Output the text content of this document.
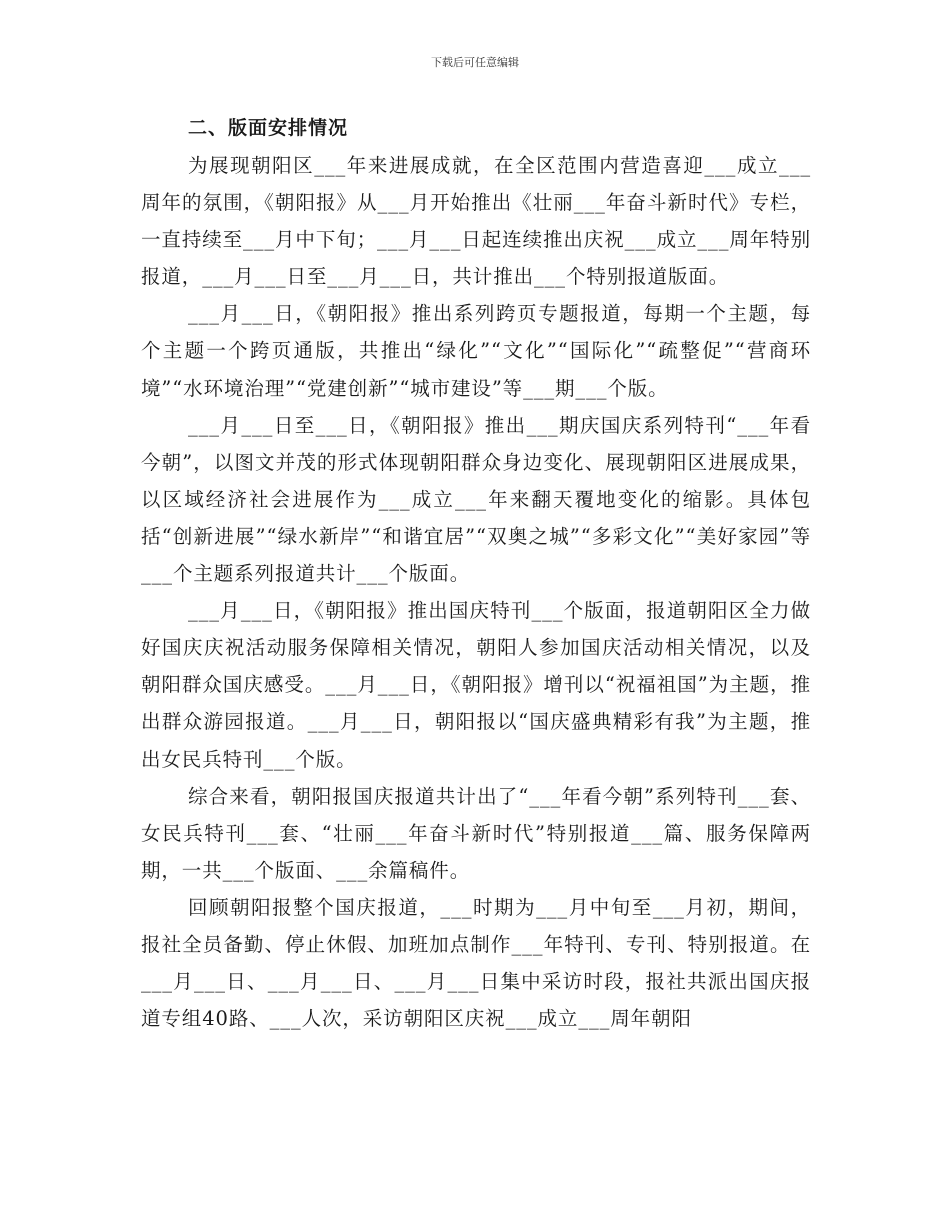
下载后可任意编辑
二、版面安排情况

为展现朝阳区___年来进展成就，在全区范围内营造喜迎___成立___周年的氛围，《朝阳报》从___月开始推出《壮丽___年奋斗新时代》专栏，一直持续至___月中下旬；___月___日起连续推出庆祝___成立___周年特别报道，___月___日至___月___日，共计推出___个特别报道版面。

___月___日，《朝阳报》推出系列跨页专题报道，每期一个主题，每个主题一个跨页通版，共推出“绿化”“文化”“国际化”“疏整促”“营商环境”“水环境治理”“党建创新”“城市建设”等___期___个版。

___月___日至___日，《朝阳报》推出___期庆国庆系列特刊“___年看今朝”，以图文并茂的形式体现朝阳群众身边变化、展现朝阳区进展成果，以区域经济社会进展作为___成立___年来翻天覆地变化的缩影。具体包括“创新进展”“绿水新岸”“和谐宜居”“双奥之城”“多彩文化”“美好家园”等___个主题系列报道共计___个版面。

___月___日，《朝阳报》推出国庆特刊___个版面，报道朝阳区全力做好国庆庆祝活动服务保障相关情况，朝阳人参加国庆活动相关情况，以及朝阳群众国庆感受。___月___日，《朝阳报》增刊以“祝福祖国”为主题，推出群众游园报道。___月___日，朝阳报以“国庆盛典精彩有我”为主题，推出女民兵特刊___个版。

综合来看，朝阳报国庆报道共计出了“___年看今朝”系列特刊___套、女民兵特刊___套、“壮丽___年奋斗新时代”特别报道___篇、服务保障两期，一共___个版面、___余篇稿件。

回顾朝阳报整个国庆报道，___时期为___月中旬至___月初，期间，报社全员备勤、停止休假、加班加点制作___年特刊、专刊、特别报道。在___月___日、___月___日、___月___日集中采访时段，报社共派出国庆报道专组40路、___人次，采访朝阳区庆祝___成立___周年朝阳
